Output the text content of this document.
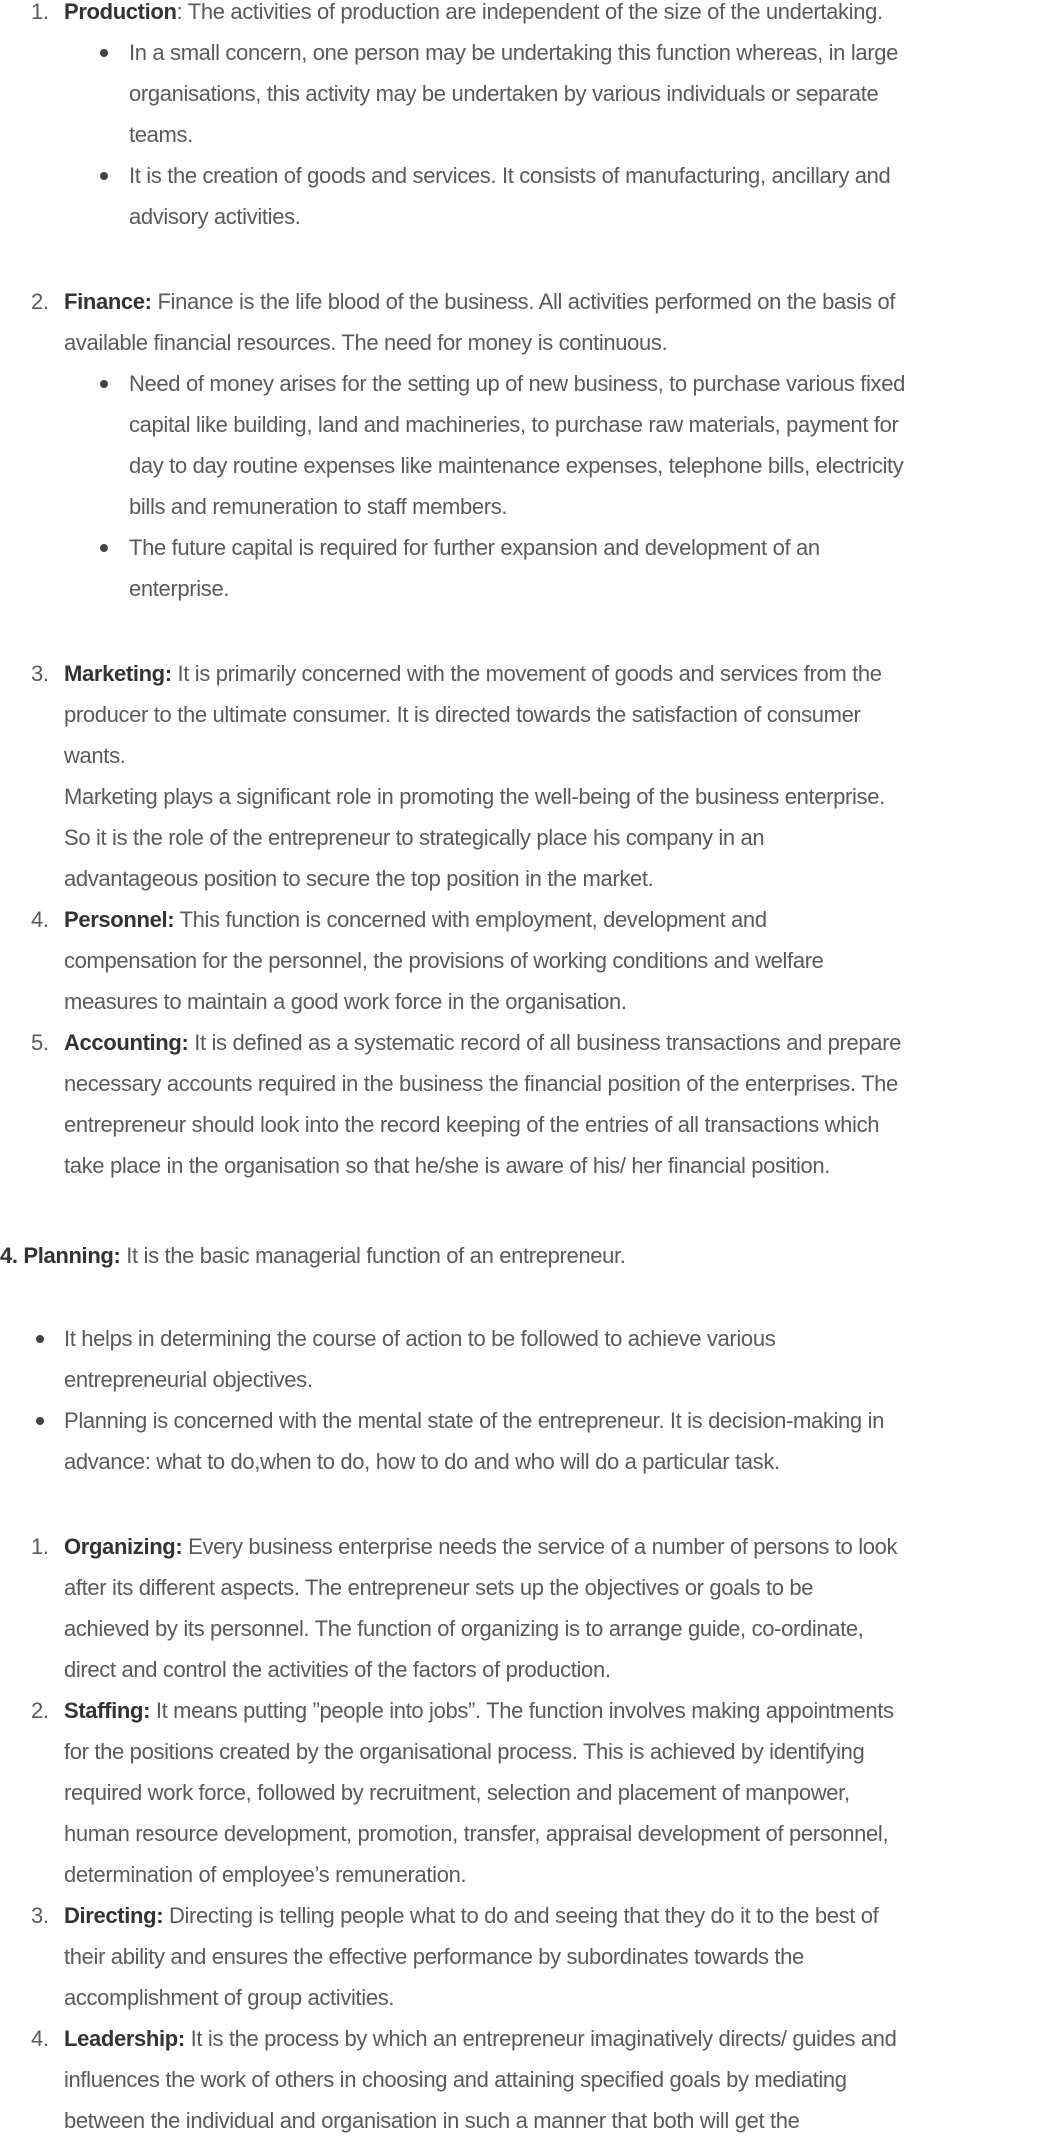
1. Production: The activities of production are independent of the size of the undertaking.
In a small concern, one person may be undertaking this function whereas, in large
organisations, this activity may be undertaken by various individuals or separate
teams.
It is the creation of goods and services. It consists of manufacturing, ancillary and
advisory activities.
2. Finance: Finance is the life blood of the business. All activities performed on the basis of
available financial resources. The need for money is continuous.
Need of money arises for the setting up of new business, to purchase various fixed
capital like building, land and machineries, to purchase raw materials, payment for
day to day routine expenses like maintenance expenses, telephone bills, electricity
bills and remuneration to staff members.
The future capital is required for further expansion and development of an
enterprise.
3. Marketing: It is primarily concerned with the movement of goods and services from the
producer to the ultimate consumer. It is directed towards the satisfaction of consumer
wants.
Marketing plays a significant role in promoting the well-being of the business enterprise.
So it is the role of the entrepreneur to strategically place his company in an
advantageous position to secure the top position in the market.
4. Personnel: This function is concerned with employment, development and
compensation for the personnel, the provisions of working conditions and welfare
measures to maintain a good work force in the organisation.
5. Accounting: It is defined as a systematic record of all business transactions and prepare
necessary accounts required in the business the financial position of the enterprises. The
entrepreneur should look into the record keeping of the entries of all transactions which
take place in the organisation so that he/she is aware of his/ her financial position.
4. Planning: It is the basic managerial function of an entrepreneur.
It helps in determining the course of action to be followed to achieve various
entrepreneurial objectives.
Planning is concerned with the mental state of the entrepreneur. It is decision-making in
advance: what to do,when to do, how to do and who will do a particular task.
1. Organizing: Every business enterprise needs the service of a number of persons to look
after its different aspects. The entrepreneur sets up the objectives or goals to be
achieved by its personnel. The function of organizing is to arrange guide, co-ordinate,
direct and control the activities of the factors of production.
2. Staffing: It means putting ”people into jobs”. The function involves making appointments
for the positions created by the organisational process. This is achieved by identifying
required work force, followed by recruitment, selection and placement of manpower,
human resource development, promotion, transfer, appraisal development of personnel,
determination of employee’s remuneration.
3. Directing: Directing is telling people what to do and seeing that they do it to the best of
their ability and ensures the effective performance by subordinates towards the
accomplishment of group activities.
4. Leadership: It is the process by which an entrepreneur imaginatively directs/ guides and
influences the work of others in choosing and attaining specified goals by mediating
between the individual and organisation in such a manner that both will get the
